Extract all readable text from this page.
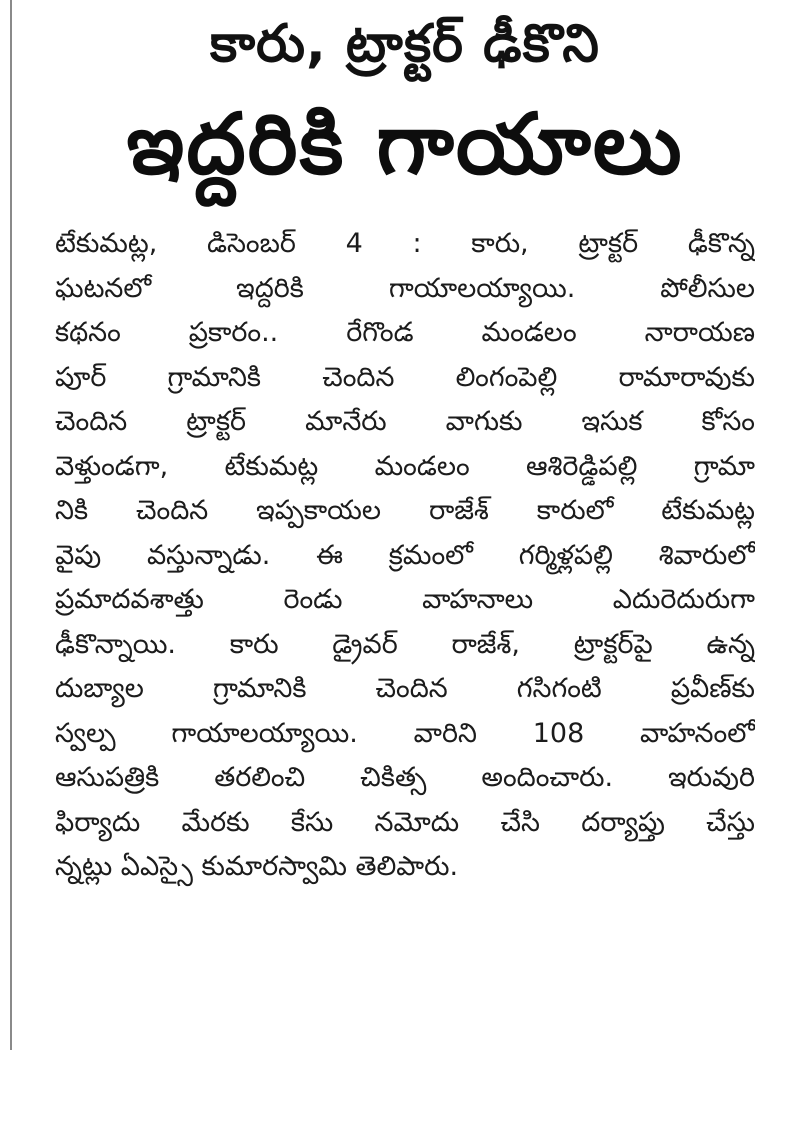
కారు, ట్రాక్టర్ ఢీకొని
ఇద్దరికి గాయాలు
టేకుమట్ల, డిసెంబర్ 4 : కారు, ట్రాక్టర్ ఢీకొన్న
ఘటనలో ఇద్దరికి గాయాలయ్యాయి. పోలీసుల
కథనం ప్రకారం.. రేగొండ మండలం నారాయణ
పూర్ గ్రామానికి చెందిన లింగంపెల్లి రామారావుకు
చెందిన ట్రాక్టర్ మానేరు వాగుకు ఇసుక కోసం
వెళ్తుండగా, టేకుమట్ల మండలం ఆశిరెడ్డిపల్లి గ్రామా
నికి చెందిన ఇప్పకాయల రాజేశ్ కారులో టేకుమట్ల
వైపు వస్తున్నాడు. ఈ క్రమంలో గర్మిళ్లపల్లి శివారులో
ప్రమాదవశాత్తు రెండు వాహనాలు ఎదురెదురుగా
ఢీకొన్నాయి. కారు డ్రైవర్ రాజేశ్, ట్రాక్టర్‌పై ఉన్న
దుబ్యాల గ్రామానికి చెందిన గసిగంటి ప్రవీణ్‌కు
స్వల్ప గాయాలయ్యాయి. వారిని 108 వాహనంలో
ఆసుపత్రికి తరలించి చికిత్స అందించారు. ఇరువురి
ఫిర్యాదు మేరకు కేసు నమోదు చేసి దర్యాప్తు చేస్తు
న్నట్లు ఏఎస్సై కుమారస్వామి తెలిపారు.
